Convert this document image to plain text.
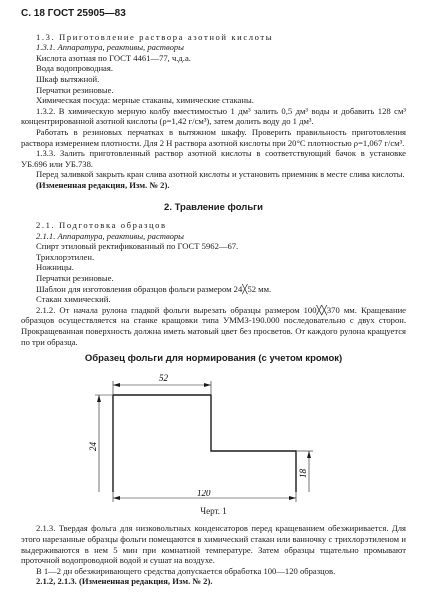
С. 18 ГОСТ 25905—83

1.3. Приготовление раствора азотной кислоты

1.3.1. Аппаратура, реактивы, растворы

Кислота азотная по ГОСТ 4461—77, ч.д.а.

Вода водопроводная.

Шкаф вытяжной.

Перчатки резиновые.

Химическая посуда: мерные стаканы, химические стаканы.

1.3.2. В химическую мерную колбу вместимостью 1 дм³ залить 0,5 дм³ воды и добавить 128 см³ концентрированной азотной кислоты (ρ=1,42 г/см³), затем долить воду до 1 дм³.

Работать в резиновых перчатках в вытяжном шкафу. Проверить правильность приготовления раствора измерением плотности. Для 2 Н раствора азотной кислоты при 20°С плотностью ρ=1,067 г/см³.

1.3.3. Залить приготовленный раствор азотной кислоты в соответствующий бачок в установке УБ.696 или УБ.738.

Перед заливкой закрыть кран слива азотной кислоты и установить приемник в месте слива кислоты.

(Измененная редакция, Изм. № 2).

2. Травление фольги

2.1. Подготовка образцов

2.1.1. Аппаратура, реактивы, растворы

Спирт этиловый ректификованный по ГОСТ 5962—67.

Трихлорэтилен.

Ножницы.

Перчатки резиновые.

Шаблон для изготовления образцов фольги размером 24╳52 мм.

Стакан химический.

2.1.2. От начала рулона гладкой фольги вырезать образцы размером 100╳╳370 мм. Кращевание образцов осуществляется на станке кращовки типа УММЗ-190.000 последовательно с двух сторон. Прокращеванная поверхность должна иметь матовый цвет без просветов. От каждого рулона кращуется по три образца.

Образец фольги для нормирования (с учетом кромок)
52
24
18
120
Черт. 1

2.1.3. Твердая фольга для низковольтных конденсаторов перед кращеванием обезжиривается. Для этого нарезанные образцы фольги помещаются в химический стакан или ванночку с трихлорэтиленом и выдерживаются в нем 5 мин при комнатной температуре. Затем образцы тщательно промывают проточной водопроводной водой и сушат на воздухе.

В 1—2 дн обезжиривающего средства допускается обработка 100—120 образцов.

2.1.2, 2.1.3. (Измененная редакция, Изм. № 2).
